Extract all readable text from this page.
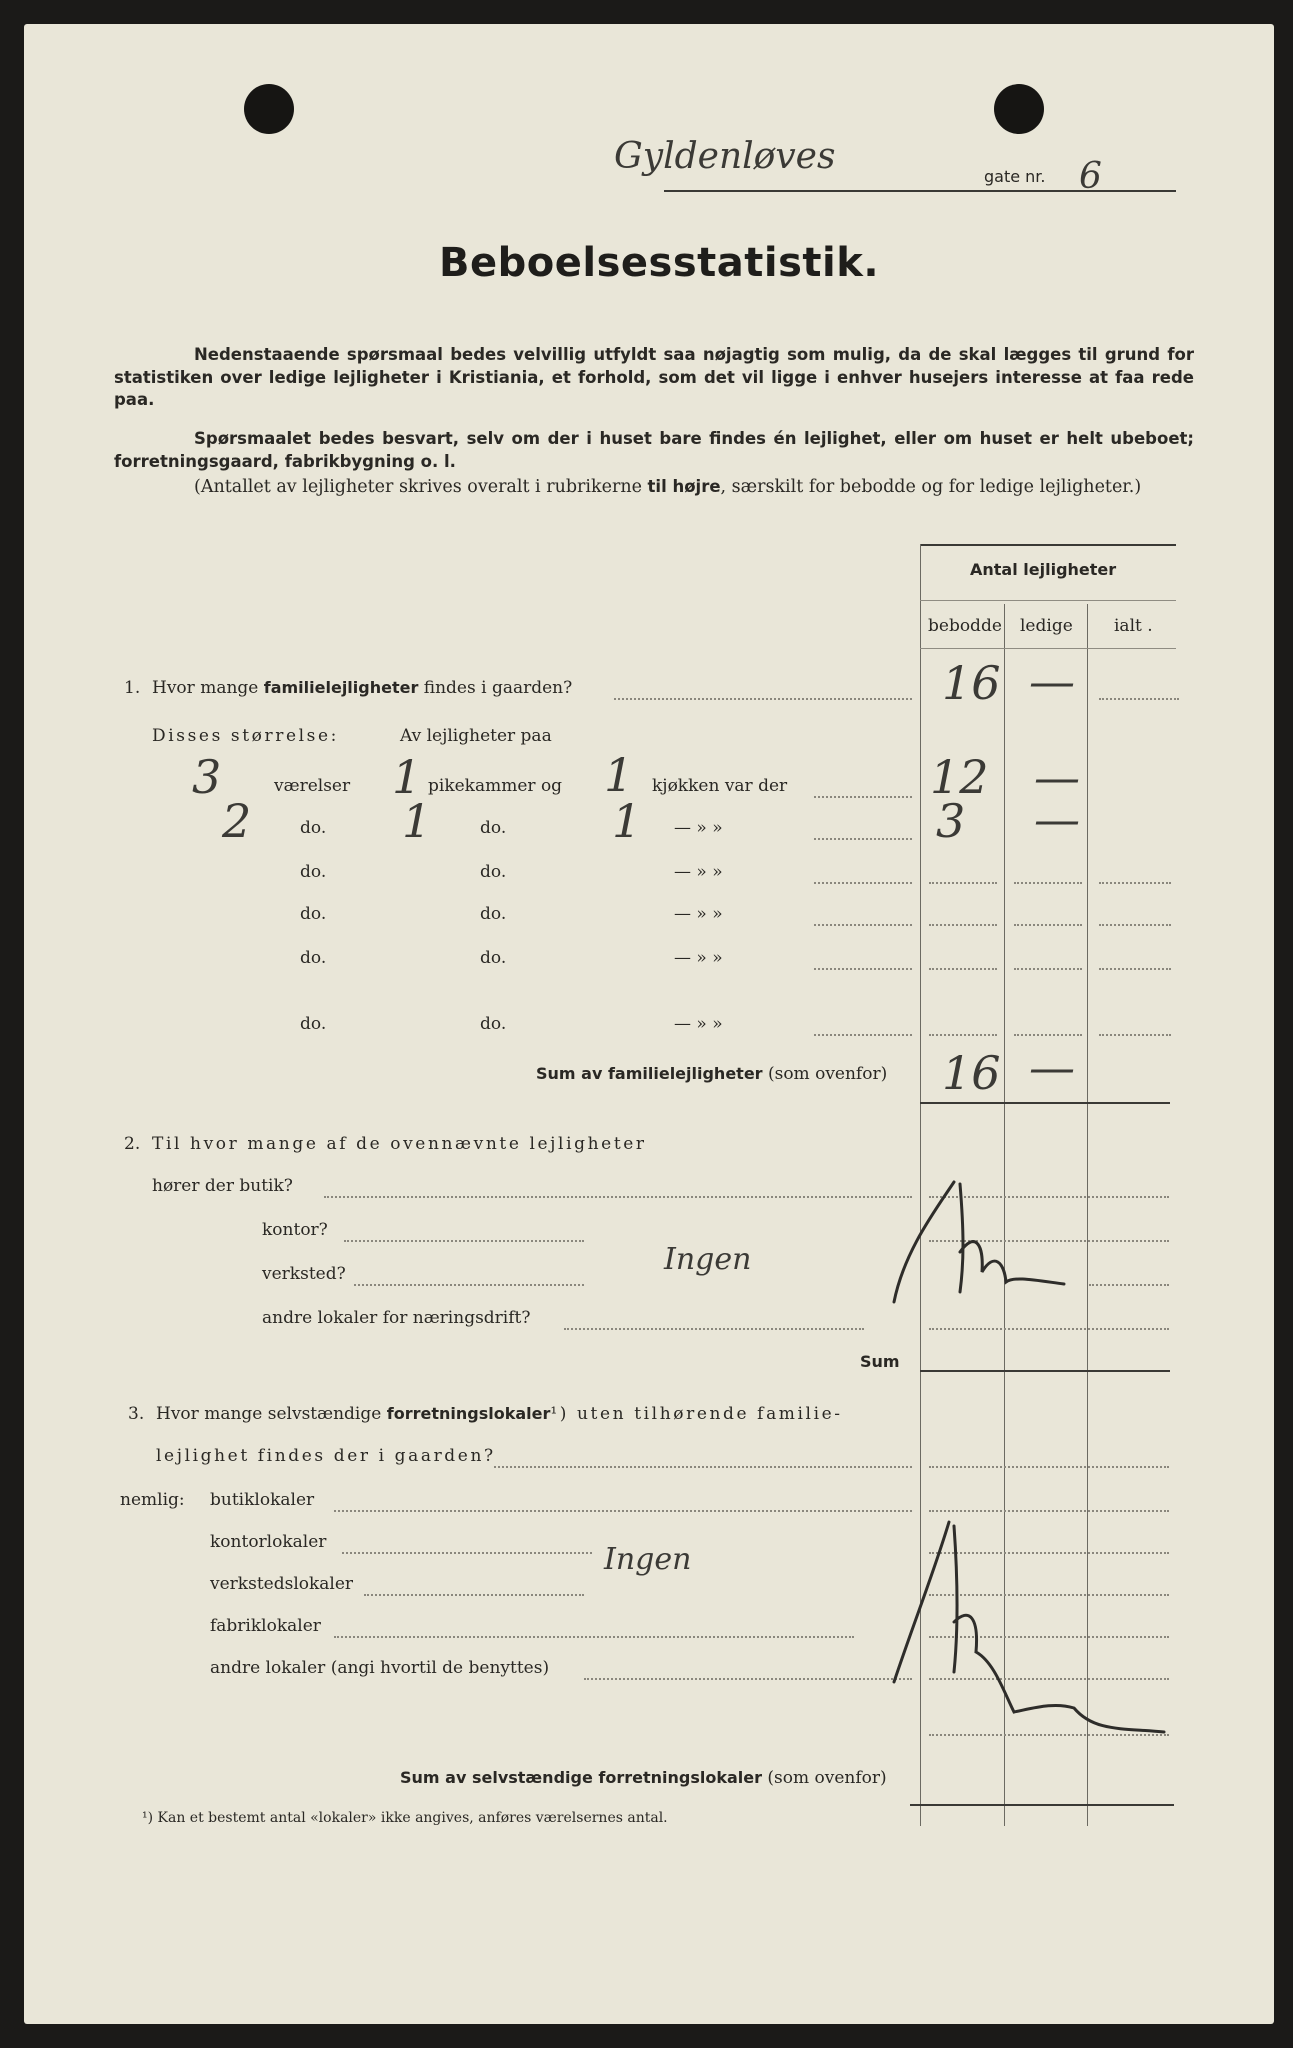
Gyldenløves	gate nr. 6
Beboelsesstatistik.
Nedenstaaende spørsmaal bedes velvillig utfyldt saa nøjagtig som mulig, da de skal lægges til grund for statistiken over ledige lejligheter i Kristiania, et forhold, som det vil ligge i enhver husejers interesse at faa rede paa.
Spørsmaalet bedes besvart, selv om der i huset bare findes én lejlighet, eller om huset er helt ubeboet; forretningsgaard, fabrikbygning o. l.
(Antallet av lejligheter skrives overalt i rubrikerne til højre, særskilt for bebodde og for ledige lejligheter.)
Antal lejligheter
bebodde ledige ialt .
1. Hvor mange familielejligheter findes i gaarden?	16 —
Disses størrelse:	Av lejligheter paa
3	værelser 1 pikekammer og 1 kjøkken var der	12 —
2	do. 1	do. 1 — » »	3 —
do.	do.	— » »
do.	do.	— » »
do.	do.	— » »
do.	do.	— » »
Sum av familielejligheter (som ovenfor) 16 —
2. Til hvor mange af de ovennævnte lejligheter
hører der butik?
kontor?
verksted?
andre lokaler for næringsdrift?
Ingen
Sum
3. Hvor mange selvstændige forretningslokaler¹) uten tilhørende familie-
lejlighet findes der i gaarden?
nemlig: butiklokaler
kontorlokaler
verkstedslokaler
fabriklokaler
andre lokaler (angi hvortil de benyttes)
Ingen
Sum av selvstændige forretningslokaler (som ovenfor)
¹) Kan et bestemt antal «lokaler» ikke angives, anføres værelsernes antal.
